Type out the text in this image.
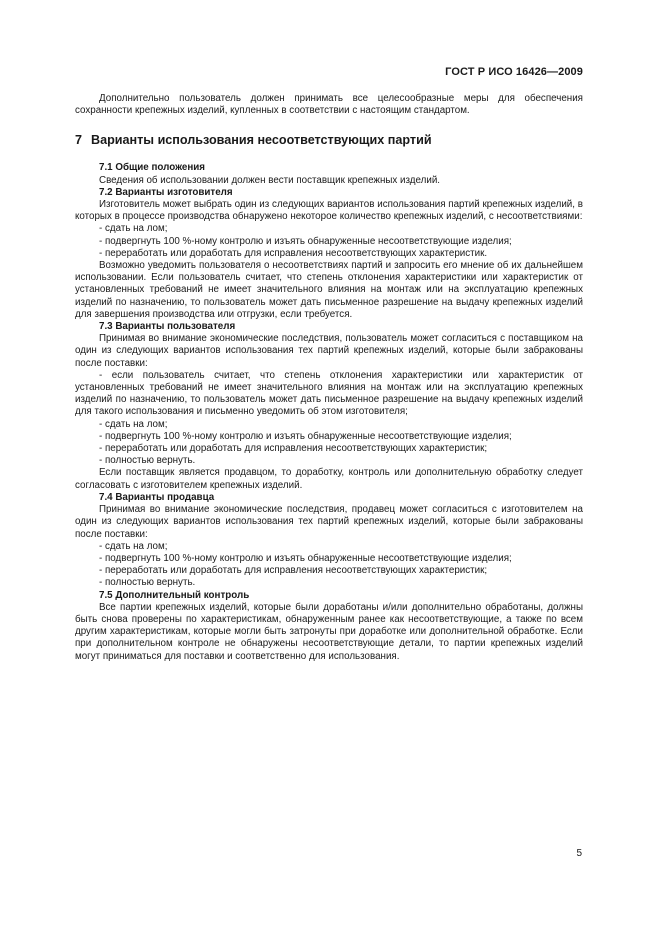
ГОСТ Р ИСО 16426—2009

Дополнительно пользователь должен принимать все целесообразные меры для обеспечения сохранности крепежных изделий, купленных в соответствии с настоящим стандартом.

7 Варианты использования несоответствующих партий

7.1 Общие положения

Сведения об использовании должен вести поставщик крепежных изделий.

7.2 Варианты изготовителя

Изготовитель может выбрать один из следующих вариантов использования партий крепежных изделий, в которых в процессе производства обнаружено некоторое количество крепежных изделий, с несоответствиями:

- сдать на лом;

- подвергнуть 100 %-ному контролю и изъять обнаруженные несоответствующие изделия;

- переработать или доработать для исправления несоответствующих характеристик.

Возможно уведомить пользователя о несоответствиях партий и запросить его мнение об их дальнейшем использовании. Если пользователь считает, что степень отклонения характеристики или характеристик от установленных требований не имеет значительного влияния на монтаж или на эксплуатацию крепежных изделий по назначению, то пользователь может дать письменное разрешение на выдачу крепежных изделий для завершения производства или отгрузки, если требуется.

7.3 Варианты пользователя

Принимая во внимание экономические последствия, пользователь может согласиться с поставщиком на один из следующих вариантов использования тех партий крепежных изделий, которые были забракованы после поставки:

- если пользователь считает, что степень отклонения характеристики или характеристик от установленных требований не имеет значительного влияния на монтаж или на эксплуатацию крепежных изделий по назначению, то пользователь может дать письменное разрешение на выдачу крепежных изделий для такого использования и письменно уведомить об этом изготовителя;

- сдать на лом;

- подвергнуть 100 %-ному контролю и изъять обнаруженные несоответствующие изделия;

- переработать или доработать для исправления несоответствующих характеристик;

- полностью вернуть.

Если поставщик является продавцом, то доработку, контроль или дополнительную обработку следует согласовать с изготовителем крепежных изделий.

7.4 Варианты продавца

Принимая во внимание экономические последствия, продавец может согласиться с изготовителем на один из следующих вариантов использования тех партий крепежных изделий, которые были забракованы после поставки:

- сдать на лом;

- подвергнуть 100 %-ному контролю и изъять обнаруженные несоответствующие изделия;

- переработать или доработать для исправления несоответствующих характеристик;

- полностью вернуть.

7.5 Дополнительный контроль

Все партии крепежных изделий, которые были доработаны и/или дополнительно обработаны, должны быть снова проверены по характеристикам, обнаруженным ранее как несоответствующие, а также по всем другим характеристикам, которые могли быть затронуты при доработке или дополнительной обработке. Если при дополнительном контроле не обнаружены несоответствующие детали, то партии крепежных изделий могут приниматься для поставки и соответственно для использования.

5
